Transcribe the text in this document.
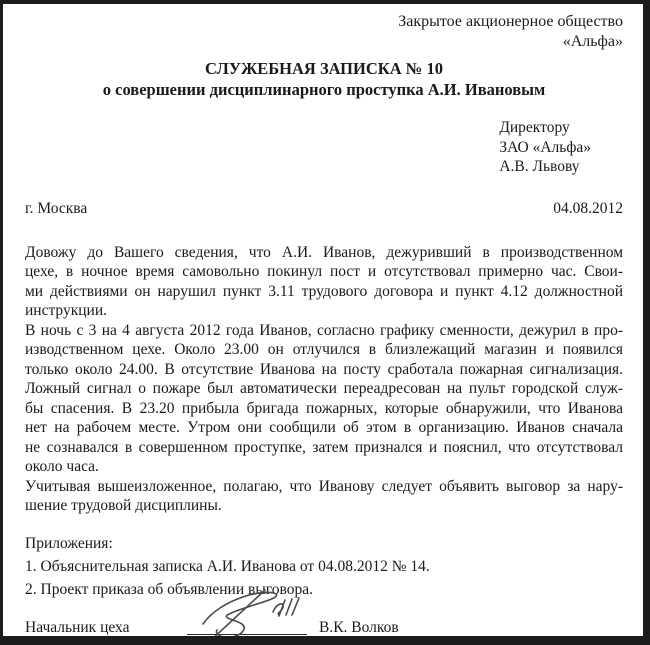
Закрытое акционерное общество
«Альфа»
СЛУЖЕБНАЯ ЗАПИСКА № 10
о совершении дисциплинарного проступка А.И. Ивановым
Директору
ЗАО «Альфа»
А.В. Львову
г. Москва	04.08.2012
Довожу до Вашего сведения, что А.И. Иванов, дежуривший в производственном
цехе, в ночное время самовольно покинул пост и отсутствовал примерно час. Свои-
ми действиями он нарушил пункт 3.11 трудового договора и пункт 4.12 должностной
инструкции.
В ночь с 3 на 4 августа 2012 года Иванов, согласно графику сменности, дежурил в про-
изводственном цехе. Около 23.00 он отлучился в близлежащий магазин и появился
только около 24.00. В отсутствие Иванова на посту сработала пожарная сигнализация.
Ложный сигнал о пожаре был автоматически переадресован на пульт городской служ-
бы спасения. В 23.20 прибыла бригада пожарных, которые обнаружили, что Иванова
нет на рабочем месте. Утром они сообщили об этом в организацию. Иванов сначала
не сознавался в совершенном проступке, затем признался и пояснил, что отсутствовал
около часа.
Учитывая вышеизложенное, полагаю, что Иванову следует объявить выговор за нару-
шение трудовой дисциплины.
Приложения:
1. Объяснительная записка А.И. Иванова от 04.08.2012 № 14.
2. Проект приказа об объявлении выговора.
Начальник цеха	В.К. Волков
